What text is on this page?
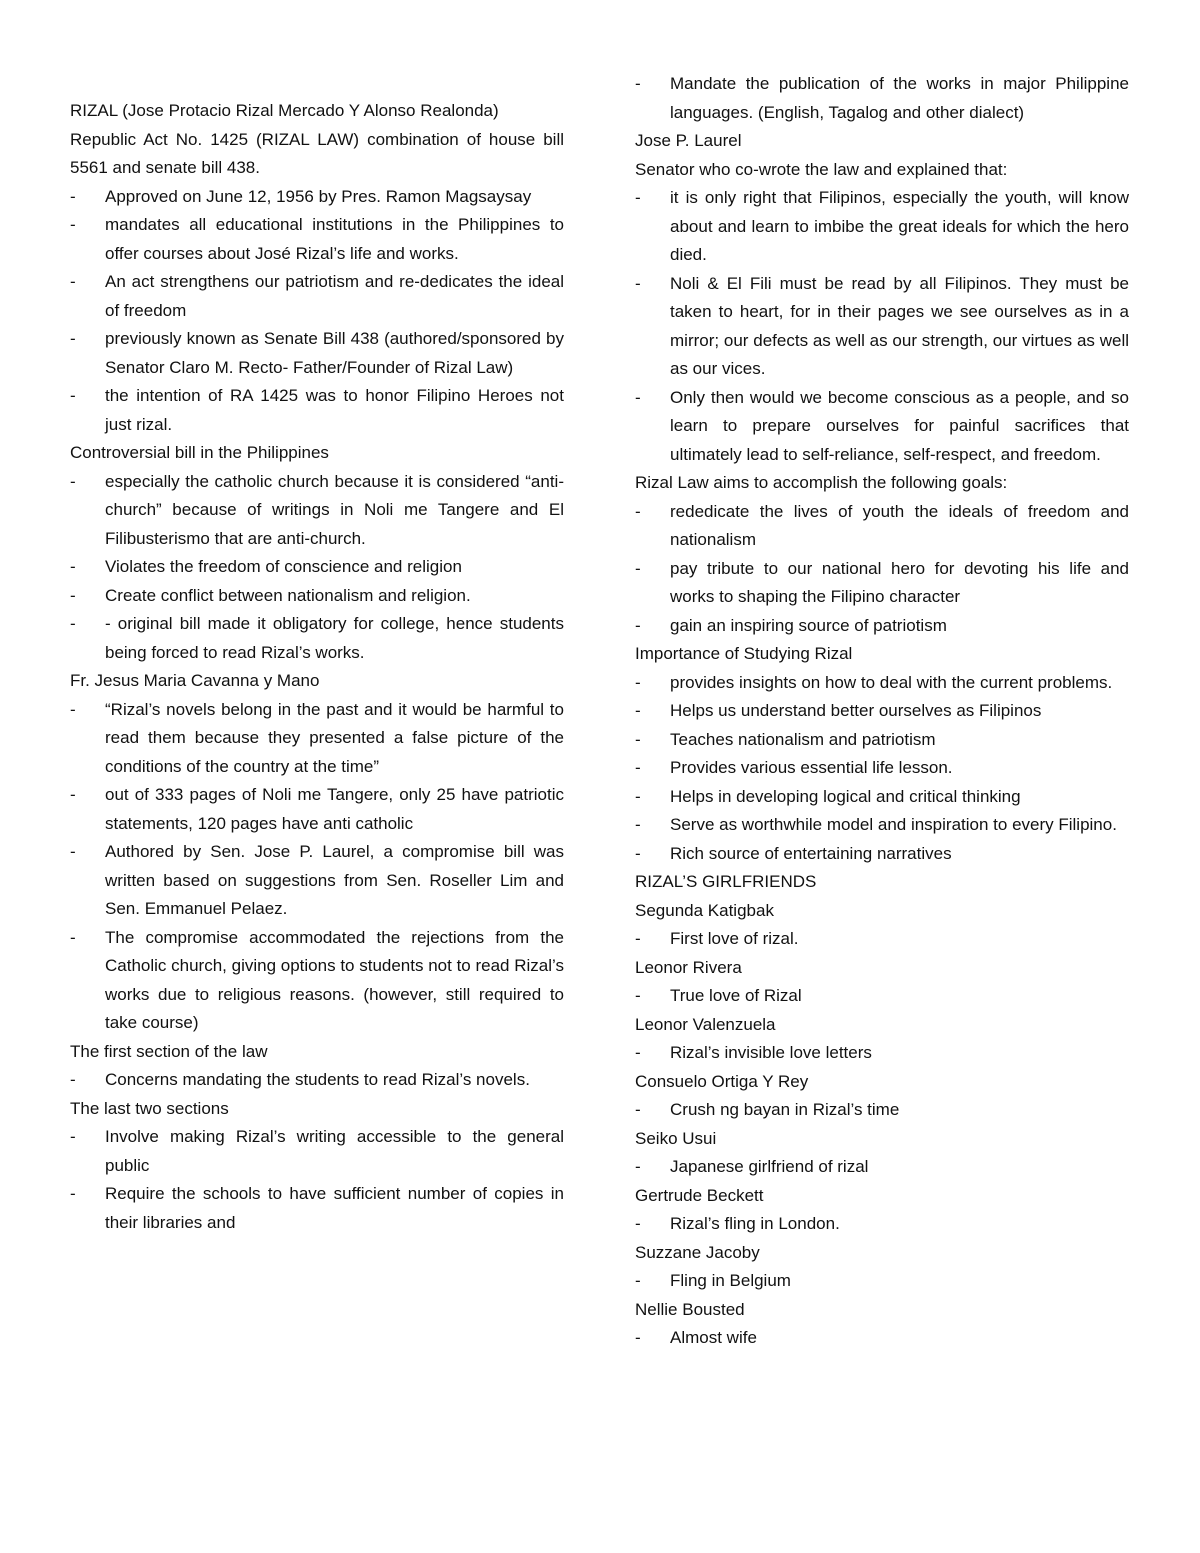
RIZAL (Jose Protacio Rizal Mercado Y Alonso Realonda)

Republic Act No. 1425 (RIZAL LAW) combination of house bill 5561 and senate bill 438.

- Approved on June 12, 1956 by Pres. Ramon Magsaysay

- mandates all educational institutions in the Philippines to offer courses about José Rizal’s life and works.

- An act strengthens our patriotism and re-dedicates the ideal of freedom

- previously known as Senate Bill 438 (authored/sponsored by Senator Claro M. Recto- Father/Founder of Rizal Law)

- the intention of RA 1425 was to honor Filipino Heroes not just rizal.

Controversial bill in the Philippines

- especially the catholic church because it is considered “anti-church” because of writings in Noli me Tangere and El Filibusterismo that are anti-church.

- Violates the freedom of conscience and religion

- Create conflict between nationalism and religion.

- - original bill made it obligatory for college, hence students being forced to read Rizal’s works.

Fr. Jesus Maria Cavanna y Mano

- “Rizal’s novels belong in the past and it would be harmful to read them because they presented a false picture of the conditions of the country at the time”

- out of 333 pages of Noli me Tangere, only 25 have patriotic statements, 120 pages have anti catholic

- Authored by Sen. Jose P. Laurel, a compromise bill was written based on suggestions from Sen. Roseller Lim and Sen. Emmanuel Pelaez.

- The compromise accommodated the rejections from the Catholic church, giving options to students not to read Rizal’s works due to religious reasons. (however, still required to take course)

The first section of the law

- Concerns mandating the students to read Rizal’s novels.

The last two sections

- Involve making Rizal’s writing accessible to the general public

- Require the schools to have sufficient number of copies in their libraries and

- Mandate the publication of the works in major Philippine languages. (English, Tagalog and other dialect)

Jose P. Laurel

Senator who co-wrote the law and explained that:

- it is only right that Filipinos, especially the youth, will know about and learn to imbibe the great ideals for which the hero died.

- Noli & El Fili must be read by all Filipinos. They must be taken to heart, for in their pages we see ourselves as in a mirror; our defects as well as our strength, our virtues as well as our vices.

- Only then would we become conscious as a people, and so learn to prepare ourselves for painful sacrifices that ultimately lead to self-reliance, self-respect, and freedom.

Rizal Law aims to accomplish the following goals:

- rededicate the lives of youth the ideals of freedom and nationalism

- pay tribute to our national hero for devoting his life and works to shaping the Filipino character

- gain an inspiring source of patriotism

Importance of Studying Rizal

- provides insights on how to deal with the current problems.

- Helps us understand better ourselves as Filipinos

- Teaches nationalism and patriotism

- Provides various essential life lesson.

- Helps in developing logical and critical thinking

- Serve as worthwhile model and inspiration to every Filipino.

- Rich source of entertaining narratives

RIZAL’S GIRLFRIENDS

Segunda Katigbak

- First love of rizal.

Leonor Rivera

- True love of Rizal

Leonor Valenzuela

- Rizal’s invisible love letters

Consuelo Ortiga Y Rey

- Crush ng bayan in Rizal’s time

Seiko Usui

- Japanese girlfriend of rizal

Gertrude Beckett

- Rizal’s fling in London.

Suzzane Jacoby

- Fling in Belgium

Nellie Bousted

- Almost wife
